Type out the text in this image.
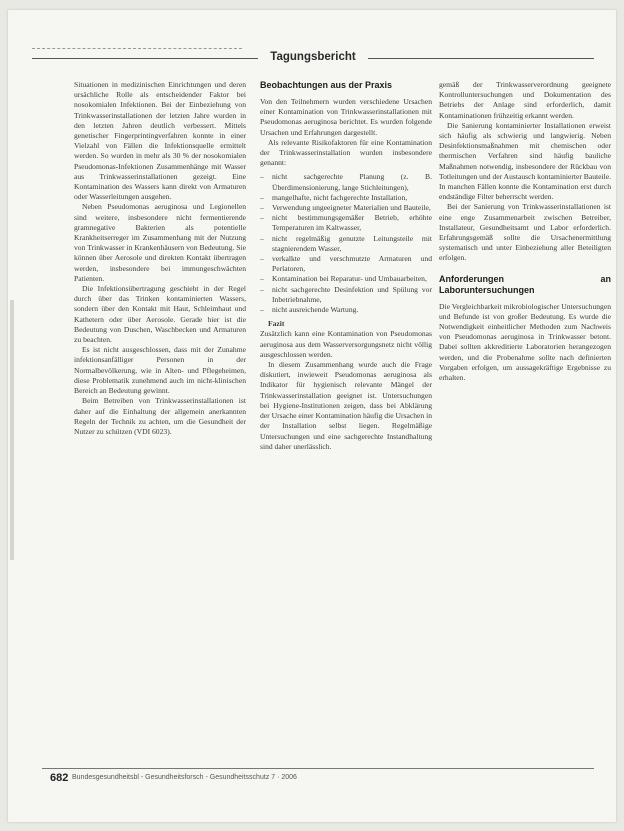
Tagungsbericht

Situationen in medizinischen Einrichtungen und deren ursächliche Rolle als entscheidender Faktor bei nosokomialen Infektionen. Bei der Einbeziehung von Trinkwasserinstallationen der letzten Jahre wurden in den letzten Jahren deutlich verbessert. Mittels genetischer Fingerprintingverfahren konnte in einer Vielzahl von Fällen die Infektionsquelle ermittelt werden. So wurden in mehr als 30 % der nosokomialen Pseudomonas-Infektionen Zusammenhänge mit Wasser aus Trinkwasserinstallationen gezeigt. Eine Kontamination des Wassers kann direkt von Armaturen oder Wasserleitungen ausgehen.

Neben Pseudomonas aeruginosa und Legionellen sind weitere, insbesondere nicht fermentierende gramnegative Bakterien als potentielle Krankheitserreger im Zusammenhang mit der Nutzung von Trinkwasser in Krankenhäusern von Bedeutung. Sie können über Aerosole und direkten Kontakt übertragen werden, insbesondere bei immungeschwächten Patienten.

Die Infektionsübertragung geschieht in der Regel durch über das Trinken kontaminierten Wassers, sondern über den Kontakt mit Haut, Schleimhaut und Kathetern oder über Aerosole. Gerade hier ist die Bedeutung von Duschen, Waschbecken und Armaturen zu beachten.

Es ist nicht ausgeschlossen, dass mit der Zunahme infektionsanfälliger Personen in der Normalbevölkerung, wie in Alten- und Pflegeheimen, diese Problematik zunehmend auch im nicht-klinischen Bereich an Bedeutung gewinnt.

Beim Betreiben von Trinkwasserinstallationen ist daher auf die Einhaltung der allgemein anerkannten Regeln der Technik zu achten, um die Gesundheit der Nutzer zu schützen (VDI 6023).

Beobachtungen aus der Praxis

Von den Teilnehmern wurden verschiedene Ursachen einer Kontamination von Trinkwasserinstallationen mit Pseudomonas aeruginosa berichtet. Es wurden folgende Ursachen und Erfahrungen dargestellt.

Als relevante Risikofaktoren für eine Kontamination der Trinkwasserinstallation wurden insbesondere genannt:

– nicht sachgerechte Planung (z. B. Überdimensionierung, lange Stichleitungen),
– mangelhafte, nicht fachgerechte Installation,
– Verwendung ungeeigneter Materialien und Bauteile,
– nicht bestimmungsgemäßer Betrieb, erhöhte Temperaturen im Kaltwasser,
– nicht regelmäßig genutzte Leitungsteile mit stagnierendem Wasser,
– verkalkte und verschmutzte Armaturen und Perlatoren,
– Kontamination bei Reparatur- und Umbauarbeiten,
– nicht sachgerechte Desinfektion und Spülung vor Inbetriebnahme,
– nicht ausreichende Wartung.

Fazit

Zusätzlich kann eine Kontamination von Pseudomonas aeruginosa aus dem Wasserversorgungsnetz nicht völlig ausgeschlossen werden.

In diesem Zusammenhang wurde auch die Frage diskutiert, inwieweit Pseudomonas aeruginosa als Indikator für hygienisch relevante Mängel der Trinkwasserinstallation geeignet ist. Untersuchungen bei Hygiene-Institutionen zeigen, dass bei Abklärung der Ursache einer Kontamination häufig die Ursachen in der Installation selbst liegen. Regelmäßige Untersuchungen und eine sachgerechte Instandhaltung sind daher unerlässlich.

gemäß der Trinkwasserverordnung geeignete Kontrolluntersuchungen und Dokumentation des Betriebs der Anlage sind erforderlich, damit Kontaminationen frühzeitig erkannt werden.

Die Sanierung kontaminierter Installationen erweist sich häufig als schwierig und langwierig. Neben Desinfektionsmaßnahmen mit chemischen oder thermischen Verfahren sind häufig bauliche Maßnahmen notwendig, insbesondere der Rückbau von Totleitungen und der Austausch kontaminierter Bauteile. In manchen Fällen konnte die Kontamination erst durch endständige Filter beherrscht werden.

Bei der Sanierung von Trinkwasserinstallationen ist eine enge Zusammenarbeit zwischen Betreiber, Installateur, Gesundheitsamt und Labor erforderlich. Erfahrungsgemäß sollte die Ursachenermittlung systematisch und unter Einbeziehung aller Beteiligten erfolgen.

Anforderungen an Laboruntersuchungen

Die Vergleichbarkeit mikrobiologischer Untersuchungen und Befunde ist von großer Bedeutung. Es wurde die Notwendigkeit einheitlicher Methoden zum Nachweis von Pseudomonas aeruginosa in Trinkwasser betont. Dabei sollten akkreditierte Laboratorien herangezogen werden, und die Probenahme sollte nach definierten Vorgaben erfolgen, um aussagekräftige Ergebnisse zu erhalten.

682 Bundesgesundheitsbl - Gesundheitsforsch - Gesundheitsschutz 7 · 2006
